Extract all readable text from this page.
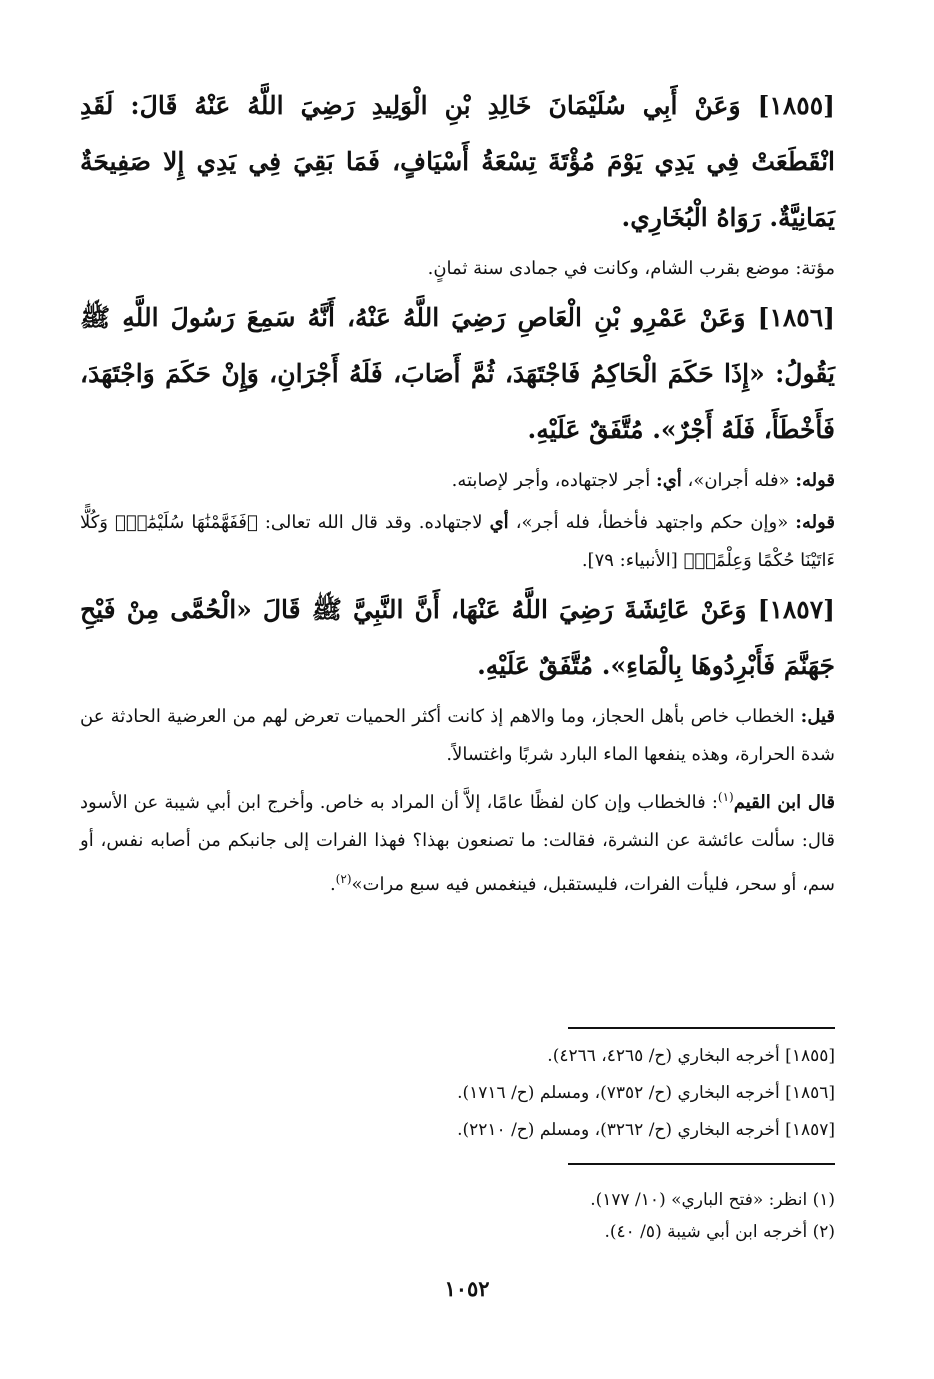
[١٨٥٥] وَعَنْ أَبِي سُلَيْمَانَ خَالِدِ بْنِ الْوَلِيدِ رَضِيَ اللَّهُ عَنْهُ قَالَ: لَقَدِ انْقَطَعَتْ فِي يَدِي يَوْمَ مُؤْتَةَ تِسْعَةُ أَسْيَافٍ، فَمَا بَقِيَ فِي يَدِي إِلا صَفِيحَةٌ يَمَانِيَّةٌ. رَوَاهُ الْبُخَارِي.

مؤتة: موضع بقرب الشام، وكانت في جمادى سنة ثمانٍ.

[١٨٥٦] وَعَنْ عَمْرِو بْنِ الْعَاصِ رَضِيَ اللَّهُ عَنْهُ، أَنَّهُ سَمِعَ رَسُولَ اللَّهِ ﷺ يَقُولُ: «إِذَا حَكَمَ الْحَاكِمُ فَاجْتَهَدَ، ثُمَّ أَصَابَ، فَلَهُ أَجْرَانِ، وَإِنْ حَكَمَ وَاجْتَهَدَ، فَأَخْطَأَ، فَلَهُ أَجْرٌ». مُتَّفَقٌ عَلَيْهِ.

قوله: «فله أجران»، أي: أجر لاجتهاده، وأجر لإصابته.

قوله: «وإن حكم واجتهد فأخطأ، فله أجر»، أي لاجتهاده. وقد قال الله تعالى: ﴿فَفَهَّمْنَٰهَا سُلَيْمَٰنَۚ وَكُلًّا ءَاتَيْنَا حُكْمًا وَعِلْمًاۚ﴾ [الأنبياء: ٧٩].

[١٨٥٧] وَعَنْ عَائِشَةَ رَضِيَ اللَّهُ عَنْهَا، أَنَّ النَّبِيَّ ﷺ قَالَ «الْحُمَّى مِنْ فَيْحِ جَهَنَّمَ فَأَبْرِدُوهَا بِالْمَاءِ». مُتَّفَقٌ عَلَيْهِ.

قيل: الخطاب خاص بأهل الحجاز، وما والاهم إذ كانت أكثر الحميات تعرض لهم من العرضية الحادثة عن شدة الحرارة، وهذه ينفعها الماء البارد شربًا واغتسالاً.

قال ابن القيم$^{(١)}$: فالخطاب وإن كان لفظًا عامًا، إلاَّ أن المراد به خاص. وأخرج ابن أبي شيبة عن الأسود قال: سألت عائشة عن النشرة، فقالت: ما تصنعون بهذا؟ فهذا الفرات إلى جانبكم من أصابه نفس، أو سم، أو سحر، فليأت الفرات، فليستقبل، فينغمس فيه سبع مرات»$^{(٢)}$.

[١٨٥٥] أخرجه البخاري (ح/ ٤٢٦٥، ٤٢٦٦).
[١٨٥٦] أخرجه البخاري (ح/ ٧٣٥٢)، ومسلم (ح/ ١٧١٦).
[١٨٥٧] أخرجه البخاري (ح/ ٣٢٦٢)، ومسلم (ح/ ٢٢١٠).
(١) انظر: «فتح الباري» (١٠/ ١٧٧).
(٢) أخرجه ابن أبي شيبة (٥/ ٤٠).
١٠٥٢
